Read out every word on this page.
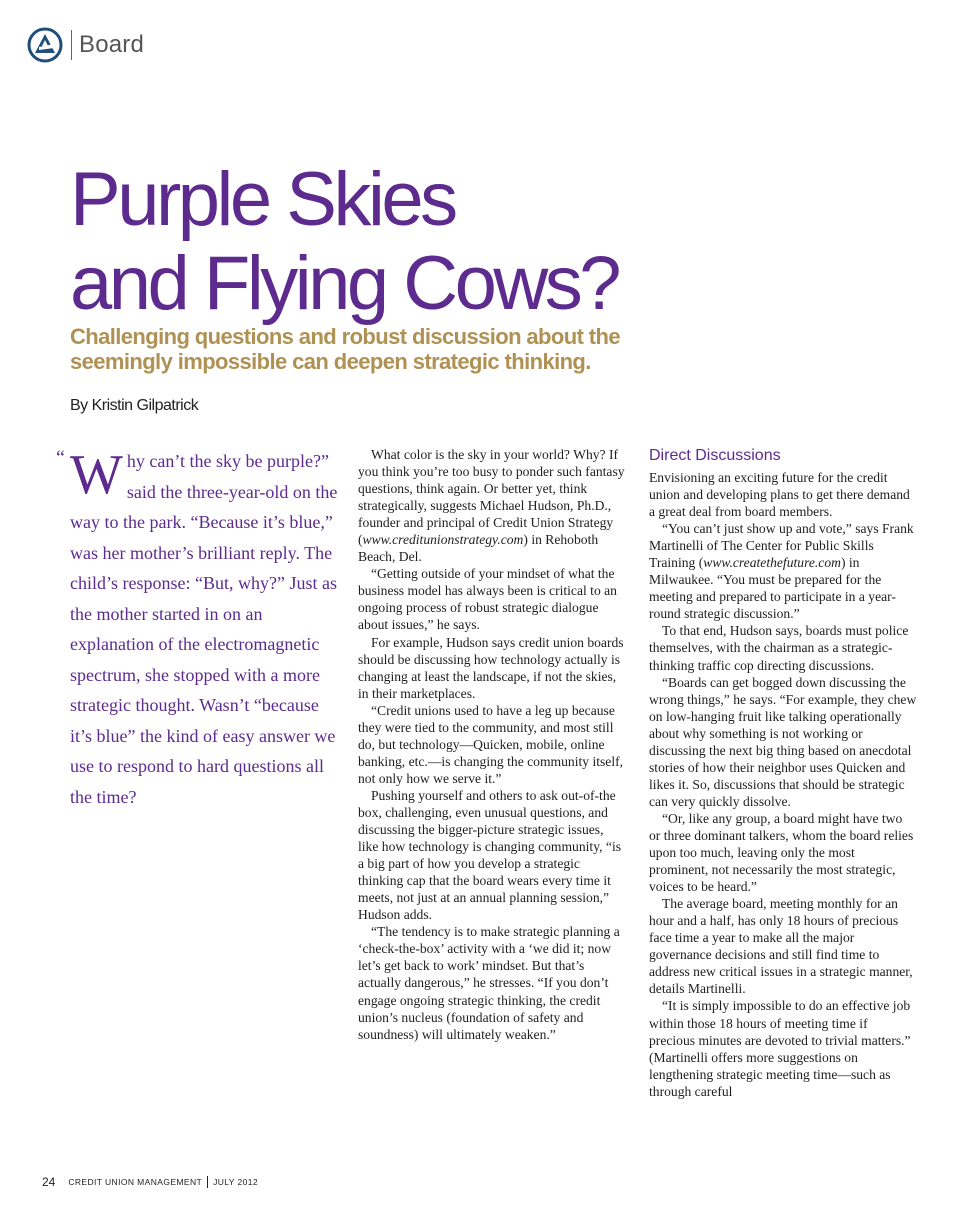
Board
Purple Skies
and Flying Cows?
Challenging questions and robust discussion about the
seemingly impossible can deepen strategic thinking.
By Kristin Gilpatrick
“ W hy can’t the sky be purple?” said the three-year-old on the way to the park. “Because it’s blue,” was her mother’s brilliant reply. The child’s response: “But, why?” Just as the mother started in on an explanation of the electromagnetic spectrum, she stopped with a more strategic thought. Wasn’t “because it’s blue” the kind of easy answer we use to respond to hard questions all the time?

What color is the sky in your world? Why? If you think you’re too busy to ponder such fantasy questions, think again. Or better yet, think strategically, suggests Michael Hudson, Ph.D., founder and principal of Credit Union Strategy (www.creditunionstrategy.com) in Rehoboth Beach, Del.

“Getting outside of your mindset of what the business model has always been is critical to an ongoing process of robust strategic dialogue about issues,” he says.

For example, Hudson says credit union boards should be discussing how technology actually is changing at least the landscape, if not the skies, in their marketplaces.

“Credit unions used to have a leg up because they were tied to the community, and most still do, but technology—Quicken, mobile, online banking, etc.—is changing the community itself, not only how we serve it.”

Pushing yourself and others to ask out-of-the box, challenging, even unusual questions, and discussing the bigger-picture strategic issues, like how technology is changing community, “is a big part of how you develop a strategic thinking cap that the board wears every time it meets, not just at an annual planning session,” Hudson adds.

“The tendency is to make strategic planning a ‘check-the-box’ activity with a ‘we did it; now let’s get back to work’ mindset. But that’s actually dangerous,” he stresses. “If you don’t engage ongoing strategic thinking, the credit union’s nucleus (foundation of safety and soundness) will ultimately weaken.”

Direct Discussions

Envisioning an exciting future for the credit union and developing plans to get there demand a great deal from board members.

“You can’t just show up and vote,” says Frank Martinelli of The Center for Public Skills Training (www.createthefuture.com) in Milwaukee. “You must be prepared for the meeting and prepared to participate in a year-round strategic discussion.”

To that end, Hudson says, boards must police themselves, with the chairman as a strategic-thinking traffic cop directing discussions.

“Boards can get bogged down discussing the wrong things,” he says. “For example, they chew on low-hanging fruit like talking operationally about why something is not working or discussing the next big thing based on anecdotal stories of how their neighbor uses Quicken and likes it. So, discussions that should be strategic can very quickly dissolve.

“Or, like any group, a board might have two or three dominant talkers, whom the board relies upon too much, leaving only the most prominent, not necessarily the most strategic, voices to be heard.”

The average board, meeting monthly for an hour and a half, has only 18 hours of precious face time a year to make all the major governance decisions and still find time to address new critical issues in a strategic manner, details Martinelli.

“It is simply impossible to do an effective job within those 18 hours of meeting time if precious minutes are devoted to trivial matters.” (Martinelli offers more suggestions on lengthening strategic meeting time—such as through careful

24 CREDIT UNION MANAGEMENT JULY 2012
